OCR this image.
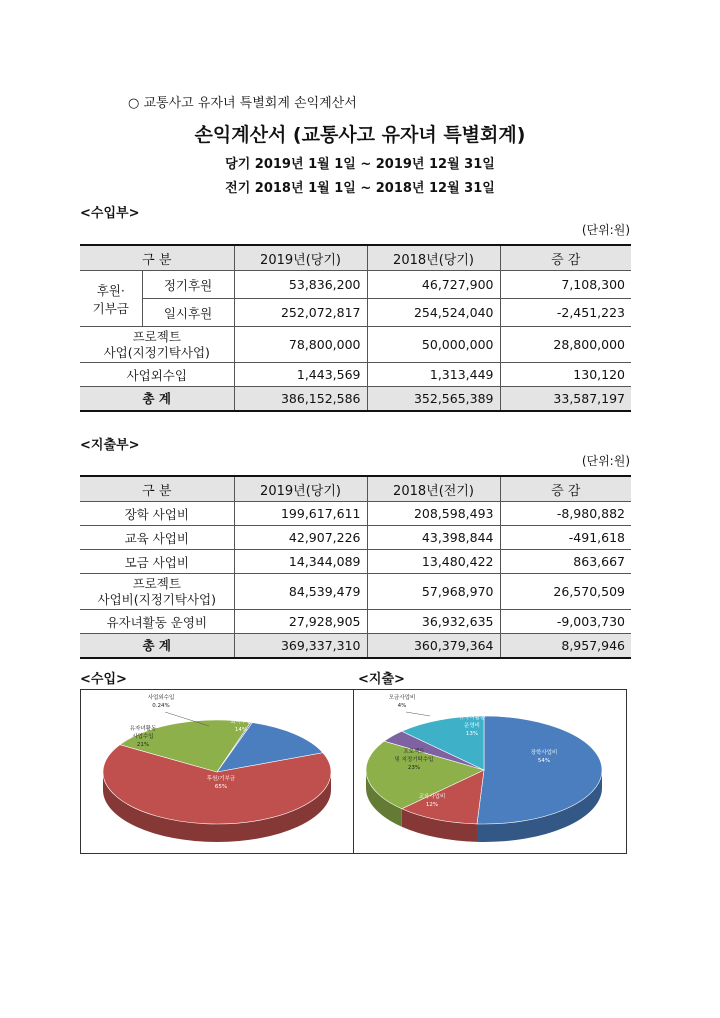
○ 교통사고 유자녀 특별회계 손익계산서
손익계산서 (교통사고 유자녀 특별회계)
당기 2019년 1월 1일 ~ 2019년 12월 31일
전기 2018년 1월 1일 ~ 2018년 12월 31일
<수입부>
(단위:원)
구 분		2019년(당기)	2018년(당기)	증 감
후원·
기부금	정기후원	53,836,200	46,727,900	7,108,300
	일시후원	252,072,817	254,524,040	-2,451,223
프로젝트
사업(지정기탁사업)		78,800,000	50,000,000	28,800,000
사업외수입		1,443,569	1,313,449	130,120
총 계		386,152,586	352,565,389	33,587,197
<지출부>
(단위:원)
구 분	2019년(당기)	2018년(전기)	증 감
장학 사업비	199,617,611	208,598,493	-8,980,882
교육 사업비	42,907,226	43,398,844	-491,618
모금 사업비	14,344,089	13,480,422	863,667
프로젝트
사업비(지정기탁사업)	84,539,479	57,968,970	26,570,509
유자녀활동 운영비	27,928,905	36,932,635	-9,003,730
총 계	369,337,310	360,379,364	8,957,946
<수입>	<지출>
회비수입 14%
후원/기부금 65%
유자녀활동 사업수입 21%
사업외수입 0.24%
장학사업비 54%
교육사업비 12%
프로젝트 및 지정기탁수입 23%
모금사업비 4%
유자녀활동 운영비 13%
